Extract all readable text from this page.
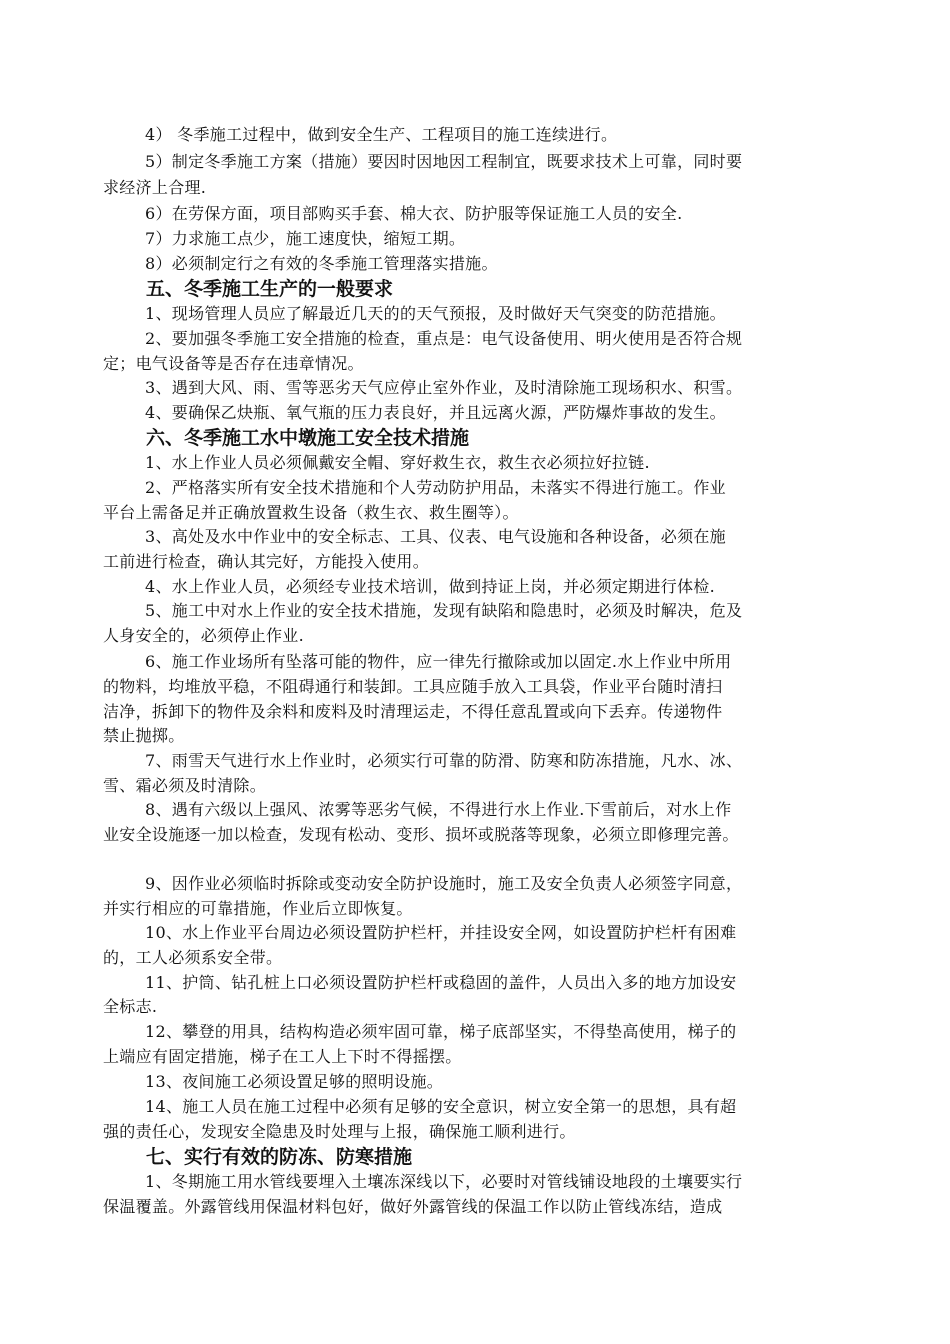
4） 冬季施工过程中，做到安全生产、工程项目的施工连续进行。
5）制定冬季施工方案（措施）要因时因地因工程制宜，既要求技术上可靠，同时要
求经济上合理.
6）在劳保方面，项目部购买手套、棉大衣、防护服等保证施工人员的安全.
7）力求施工点少，施工速度快，缩短工期。
8）必须制定行之有效的冬季施工管理落实措施。
五、冬季施工生产的一般要求
1、现场管理人员应了解最近几天的的天气预报，及时做好天气突变的防范措施。
2、要加强冬季施工安全措施的检查，重点是：电气设备使用、明火使用是否符合规
定；电气设备等是否存在违章情况。
3、遇到大风、雨、雪等恶劣天气应停止室外作业，及时清除施工现场积水、积雪。
4、要确保乙炔瓶、氧气瓶的压力表良好，并且远离火源，严防爆炸事故的发生。
六、冬季施工水中墩施工安全技术措施
1、水上作业人员必须佩戴安全帽、穿好救生衣，救生衣必须拉好拉链.
2、严格落实所有安全技术措施和个人劳动防护用品，未落实不得进行施工。作业
平台上需备足并正确放置救生设备（救生衣、救生圈等）。
3、高处及水中作业中的安全标志、工具、仪表、电气设施和各种设备，必须在施
工前进行检查，确认其完好，方能投入使用。
4、水上作业人员，必须经专业技术培训，做到持证上岗，并必须定期进行体检.
5、施工中对水上作业的安全技术措施，发现有缺陷和隐患时，必须及时解决，危及
人身安全的，必须停止作业.
6、施工作业场所有坠落可能的物件，应一律先行撤除或加以固定.水上作业中所用
的物料，均堆放平稳，不阻碍通行和装卸。工具应随手放入工具袋，作业平台随时清扫
洁净，拆卸下的物件及余料和废料及时清理运走，不得任意乱置或向下丢弃。传递物件
禁止抛掷。
7、雨雪天气进行水上作业时，必须实行可靠的防滑、防寒和防冻措施，凡水、冰、
雪、霜必须及时清除。
8、遇有六级以上强风、浓雾等恶劣气候，不得进行水上作业.下雪前后，对水上作
业安全设施逐一加以检查，发现有松动、变形、损坏或脱落等现象，必须立即修理完善。
9、因作业必须临时拆除或变动安全防护设施时，施工及安全负责人必须签字同意，
并实行相应的可靠措施，作业后立即恢复。
10、水上作业平台周边必须设置防护栏杆，并挂设安全网，如设置防护栏杆有困难
的，工人必须系安全带。
11、护筒、钻孔桩上口必须设置防护栏杆或稳固的盖件，人员出入多的地方加设安
全标志.
12、攀登的用具，结构构造必须牢固可靠，梯子底部坚实，不得垫高使用，梯子的
上端应有固定措施，梯子在工人上下时不得摇摆。
13、夜间施工必须设置足够的照明设施。
14、施工人员在施工过程中必须有足够的安全意识，树立安全第一的思想，具有超
强的责任心，发现安全隐患及时处理与上报，确保施工顺利进行。
七、实行有效的防冻、防寒措施
1、冬期施工用水管线要埋入土壤冻深线以下，必要时对管线铺设地段的土壤要实行
保温覆盖。外露管线用保温材料包好，做好外露管线的保温工作以防止管线冻结，造成
